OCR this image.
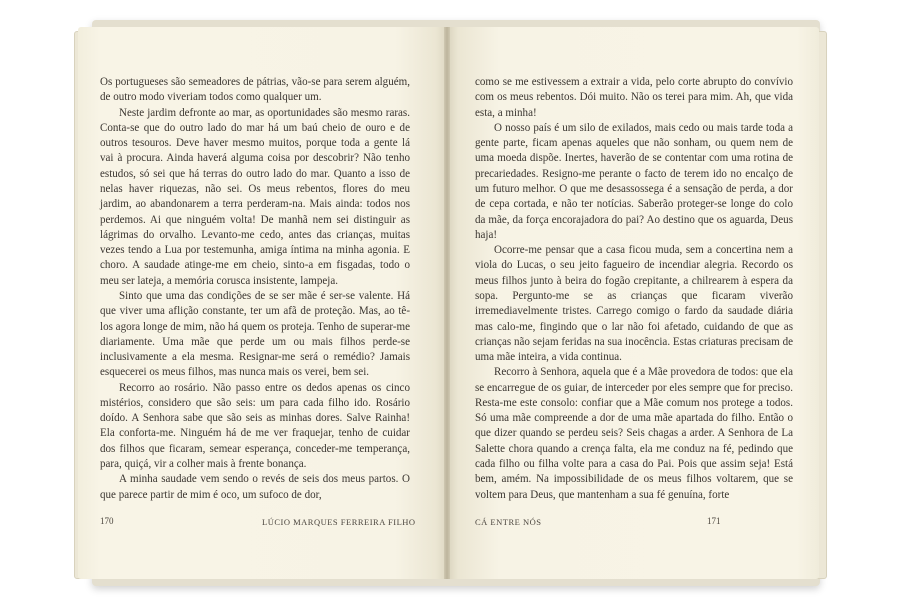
Os portugueses são semeadores de pátrias, vão-se para serem alguém, de outro modo viveriam todos como qualquer um.

Neste jardim defronte ao mar, as oportunidades são mesmo raras. Conta-se que do outro lado do mar há um baú cheio de ouro e de outros tesouros. Deve haver mesmo muitos, porque toda a gente lá vai à procura. Ainda haverá alguma coisa por descobrir? Não tenho estudos, só sei que há terras do outro lado do mar. Quanto a isso de nelas haver riquezas, não sei. Os meus rebentos, flores do meu jardim, ao abandonarem a terra perderam-na. Mais ainda: todos nos perdemos. Ai que ninguém volta! De manhã nem sei distinguir as lágrimas do orvalho. Levanto-me cedo, antes das crianças, muitas vezes tendo a Lua por testemunha, amiga íntima na minha agonia. E choro. A saudade atinge-me em cheio, sinto-a em fisgadas, todo o meu ser lateja, a memória corusca insistente, lampeja.

Sinto que uma das condições de se ser mãe é ser-se valente. Há que viver uma aflição constante, ter um afã de proteção. Mas, ao tê-los agora longe de mim, não há quem os proteja. Tenho de superar-me diariamente. Uma mãe que perde um ou mais filhos perde-se inclusivamente a ela mesma. Resignar-me será o remédio? Jamais esquecerei os meus filhos, mas nunca mais os verei, bem sei.

Recorro ao rosário. Não passo entre os dedos apenas os cinco mistérios, considero que são seis: um para cada filho ido. Rosário doído. A Senhora sabe que são seis as minhas dores. Salve Rainha! Ela conforta-me. Ninguém há de me ver fraquejar, tenho de cuidar dos filhos que ficaram, semear esperança, conceder-me temperança, para, quiçá, vir a colher mais à frente bonança.

A minha saudade vem sendo o revés de seis dos meus partos. O que parece partir de mim é oco, um sufoco de dor,

170	LÚCIO MARQUES FERREIRA FILHO

como se me estivessem a extrair a vida, pelo corte abrupto do convívio com os meus rebentos. Dói muito. Não os terei para mim. Ah, que vida esta, a minha!

O nosso país é um silo de exilados, mais cedo ou mais tarde toda a gente parte, ficam apenas aqueles que não sonham, ou quem nem de uma moeda dispõe. Inertes, haverão de se contentar com uma rotina de precariedades. Resigno-me perante o facto de terem ido no encalço de um futuro melhor. O que me desassossega é a sensação de perda, a dor de cepa cortada, e não ter notícias. Saberão proteger-se longe do colo da mãe, da força encorajadora do pai? Ao destino que os aguarda, Deus haja!

Ocorre-me pensar que a casa ficou muda, sem a concertina nem a viola do Lucas, o seu jeito fagueiro de incendiar alegria. Recordo os meus filhos junto à beira do fogão crepitante, a chilrearem à espera da sopa. Pergunto-me se as crianças que ficaram viverão irremediavelmente tristes. Carrego comigo o fardo da saudade diária mas calo-me, fingindo que o lar não foi afetado, cuidando de que as crianças não sejam feridas na sua inocência. Estas criaturas precisam de uma mãe inteira, a vida continua.

Recorro à Senhora, aquela que é a Mãe provedora de todos: que ela se encarregue de os guiar, de interceder por eles sempre que for preciso. Resta-me este consolo: confiar que a Mãe comum nos protege a todos. Só uma mãe compreende a dor de uma mãe apartada do filho. Então o que dizer quando se perdeu seis? Seis chagas a arder. A Senhora de La Salette chora quando a crença falta, ela me conduz na fé, pedindo que cada filho ou filha volte para a casa do Pai. Pois que assim seja! Está bem, amém. Na impossibilidade de os meus filhos voltarem, que se voltem para Deus, que mantenham a sua fé genuína, forte

CÁ ENTRE NÓS	171
